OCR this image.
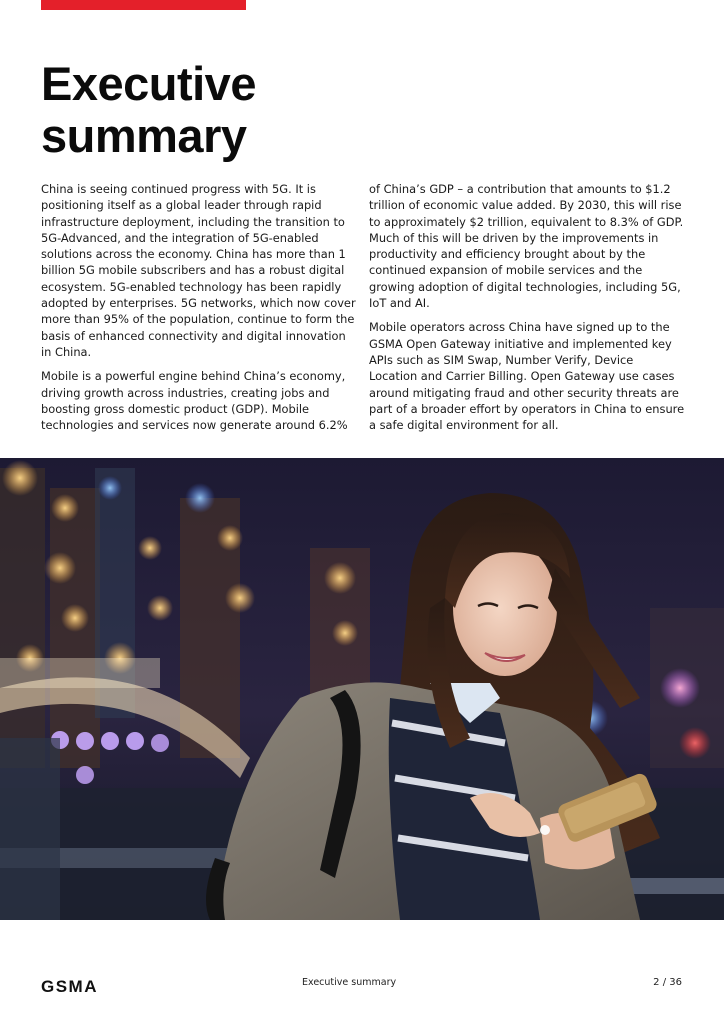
Executive
summary

China is seeing continued progress with 5G. It is positioning itself as a global leader through rapid infrastructure deployment, including the transition to 5G-Advanced, and the integration of 5G-enabled solutions across the economy. China has more than 1 billion 5G mobile subscribers and has a robust digital ecosystem. 5G-enabled technology has been rapidly adopted by enterprises. 5G networks, which now cover more than 95% of the population, continue to form the basis of enhanced connectivity and digital innovation in China.

Mobile is a powerful engine behind China’s economy, driving growth across industries, creating jobs and boosting gross domestic product (GDP). Mobile technologies and services now generate around 6.2%

of China’s GDP – a contribution that amounts to $1.2 trillion of economic value added. By 2030, this will rise to approximately $2 trillion, equivalent to 8.3% of GDP. Much of this will be driven by the improvements in productivity and efficiency brought about by the continued expansion of mobile services and the growing adoption of digital technologies, including 5G, IoT and AI.

Mobile operators across China have signed up to the GSMA Open Gateway initiative and implemented key APIs such as SIM Swap, Number Verify, Device Location and Carrier Billing. Open Gateway use cases around mitigating fraud and other security threats are part of a broader effort by operators in China to ensure a safe digital environment for all.

GSMA	Executive summary	2 / 36
